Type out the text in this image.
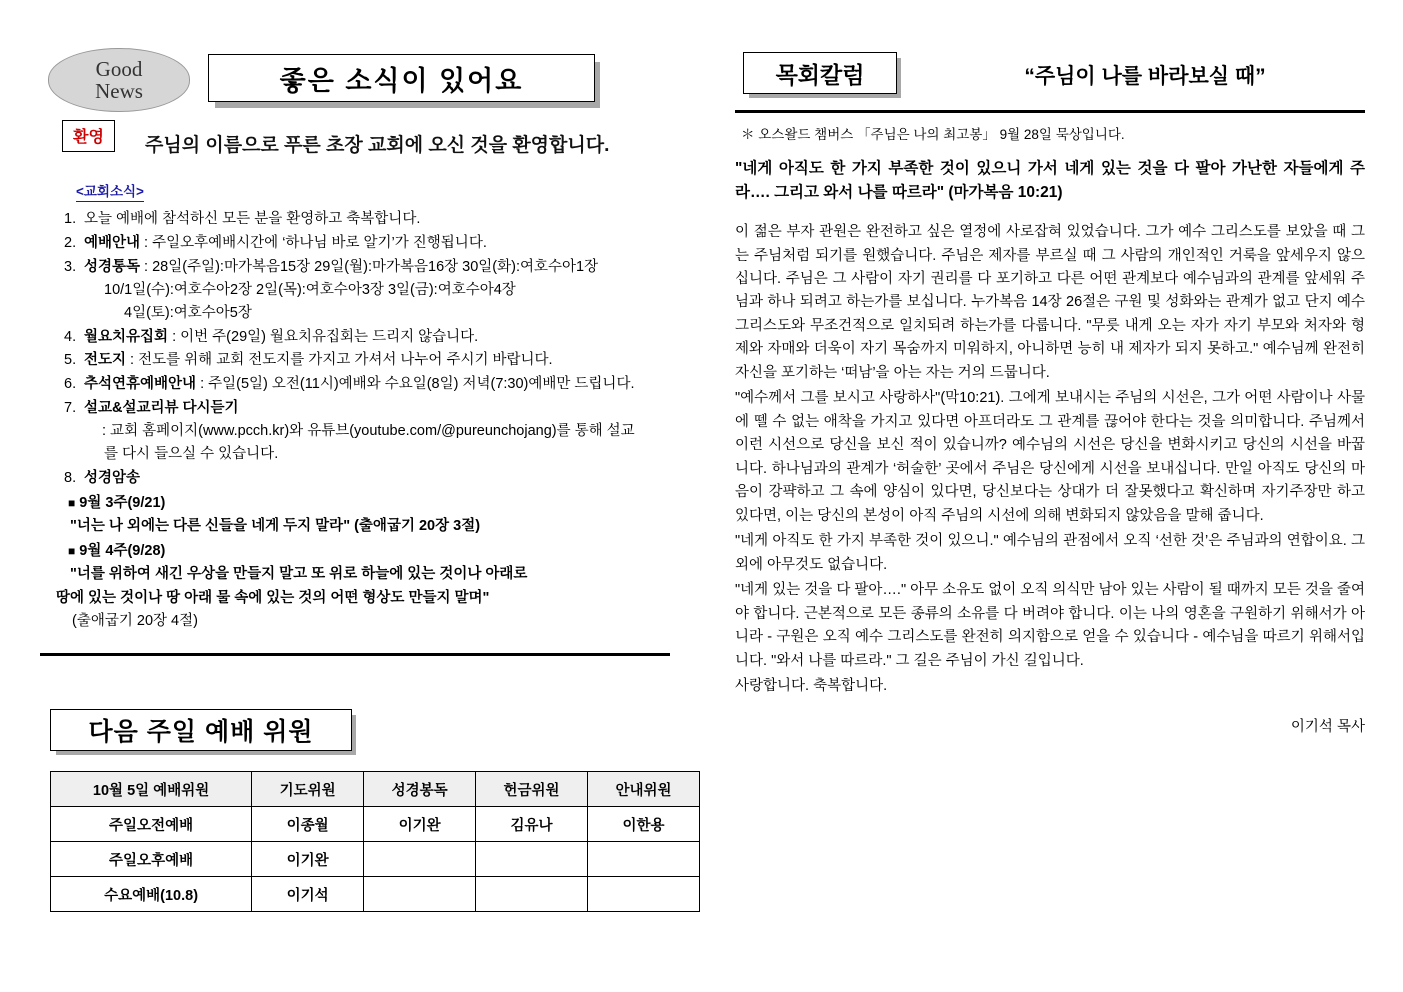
Good
News	좋은 소식이 있어요
환영	주님의 이름으로 푸른 초장 교회에 오신 것을 환영합니다.
<교회소식>
1. 오늘 예배에 참석하신 모든 분을 환영하고 축복합니다.
2. 예배안내 : 주일오후예배시간에 ‘하나님 바로 알기’가 진행됩니다.
3. 성경통독 : 28일(주일):마가복음15장 29일(월):마가복음16장 30일(화):여호수아1장
10/1일(수):여호수아2장 2일(목):여호수아3장 3일(금):여호수아4장
4일(토):여호수아5장
4. 월요치유집회 : 이번 주(29일) 월요치유집회는 드리지 않습니다.
5. 전도지 : 전도를 위해 교회 전도지를 가지고 가셔서 나누어 주시기 바랍니다.
6. 추석연휴예배안내 : 주일(5일) 오전(11시)예배와 수요일(8일) 저녁(7:30)예배만 드립니다.
7. 설교&설교리뷰 다시듣기
: 교회 홈페이지(www.pcch.kr)와 유튜브(youtube.com/@pureunchojang)를 통해 설교
를 다시 들으실 수 있습니다.
8. 성경암송
■ 9월 3주(9/21)
"너는 나 외에는 다른 신들을 네게 두지 말라" (출애굽기 20장 3절)
■ 9월 4주(9/28)
"너를 위하여 새긴 우상을 만들지 말고 또 위로 하늘에 있는 것이나 아래로
땅에 있는 것이나 땅 아래 물 속에 있는 것의 어떤 형상도 만들지 말며"
(출애굽기 20장 4절)
다음 주일 예배 위원
10월 5일 예배위원	기도위원	성경봉독	헌금위원	안내위원
주일오전예배	이종월	이기완	김유나	이한용
주일오후예배	이기완			
수요예배(10.8)	이기석			
목회칼럼	“주님이 나를 바라보실 때”
＊ 오스왈드 챔버스 「주님은 나의 최고봉」 9월 28일 묵상입니다.
"네게 아직도 한 가지 부족한 것이 있으니 가서 네게 있는 것을 다 팔아 가난한 자들에게 주라…. 그리고 와서 나를 따르라" (마가복음 10:21)

이 젊은 부자 관원은 완전하고 싶은 열정에 사로잡혀 있었습니다. 그가 예수 그리스도를 보았을 때 그는 주님처럼 되기를 원했습니다. 주님은 제자를 부르실 때 그 사람의 개인적인 거룩을 앞세우지 않으십니다. 주님은 그 사람이 자기 권리를 다 포기하고 다른 어떤 관계보다 예수님과의 관계를 앞세워 주님과 하나 되려고 하는가를 보십니다. 누가복음 14장 26절은 구원 및 성화와는 관계가 없고 단지 예수 그리스도와 무조건적으로 일치되려 하는가를 다룹니다. "무릇 내게 오는 자가 자기 부모와 처자와 형제와 자매와 더욱이 자기 목숨까지 미워하지, 아니하면 능히 내 제자가 되지 못하고." 예수님께 완전히 자신을 포기하는 ‘떠남’을 아는 자는 거의 드뭅니다.

"예수께서 그를 보시고 사랑하사"(막10:21). 그에게 보내시는 주님의 시선은, 그가 어떤 사람이나 사물에 뗄 수 없는 애착을 가지고 있다면 아프더라도 그 관계를 끊어야 한다는 것을 의미합니다. 주님께서 이런 시선으로 당신을 보신 적이 있습니까? 예수님의 시선은 당신을 변화시키고 당신의 시선을 바꿉니다. 하나님과의 관계가 ‘허술한’ 곳에서 주님은 당신에게 시선을 보내십니다. 만일 아직도 당신의 마음이 강퍅하고 그 속에 양심이 있다면, 당신보다는 상대가 더 잘못했다고 확신하며 자기주장만 하고 있다면, 이는 당신의 본성이 아직 주님의 시선에 의해 변화되지 않았음을 말해 줍니다.

"네게 아직도 한 가지 부족한 것이 있으니." 예수님의 관점에서 오직 ‘선한 것’은 주님과의 연합이요. 그 외에 아무것도 없습니다.

"네게 있는 것을 다 팔아…." 아무 소유도 없이 오직 의식만 남아 있는 사람이 될 때까지 모든 것을 줄여야 합니다. 근본적으로 모든 종류의 소유를 다 버려야 합니다. 이는 나의 영혼을 구원하기 위해서가 아니라 - 구원은 오직 예수 그리스도를 완전히 의지함으로 얻을 수 있습니다 - 예수님을 따르기 위해서입니다. "와서 나를 따르라." 그 길은 주님이 가신 길입니다.

사랑합니다. 축복합니다.

이기석 목사
